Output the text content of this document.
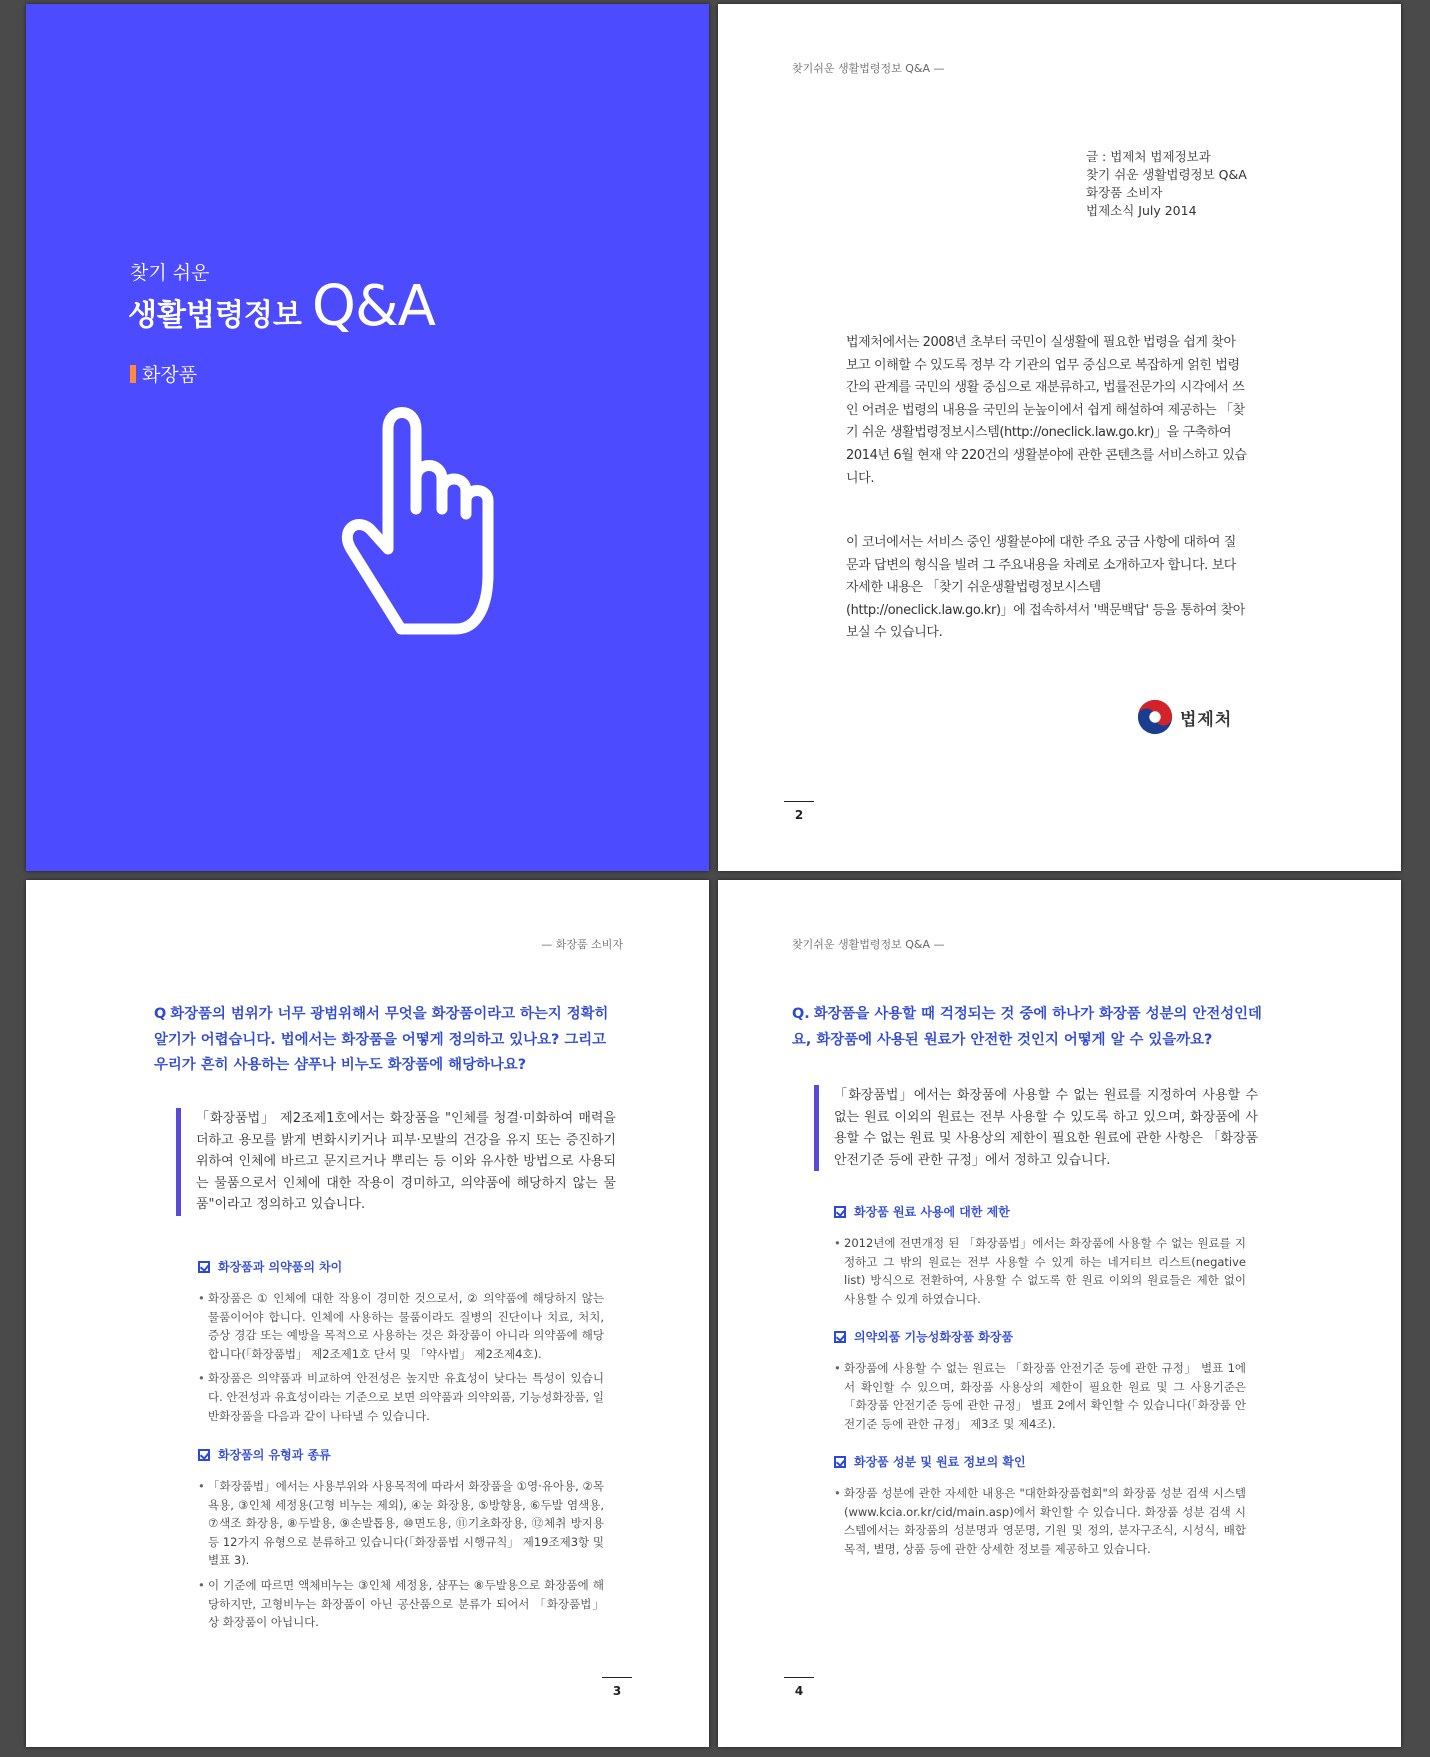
찾기 쉬운
생활법령정보 Q&A
화장품
찾기쉬운 생활법령정보 Q&A —
글 : 법제처 법제정보과
찾기 쉬운 생활법령정보 Q&A
화장품 소비자
법제소식 July 2014

법제처에서는 2008년 초부터 국민이 실생활에 필요한 법령을 쉽게 찾아 보고 이해할 수 있도록 정부 각 기관의 업무 중심으로 복잡하게 얽힌 법령 간의 관계를 국민의 생활 중심으로 재분류하고, 법률전문가의 시각에서 쓰인 어려운 법령의 내용을 국민의 눈높이에서 쉽게 해설하여 제공하는 「찾기 쉬운 생활법령정보시스템(http://oneclick.law.go.kr)」을 구축하여 2014년 6월 현재 약 220건의 생활분야에 관한 콘텐츠를 서비스하고 있습니다.

이 코너에서는 서비스 중인 생활분야에 대한 주요 궁금 사항에 대하여 질문과 답변의 형식을 빌려 그 주요내용을 차례로 소개하고자 합니다. 보다 자세한 내용은 「찾기 쉬운생활법령정보시스템(http://oneclick.law.go.kr)」에 접속하셔서 '백문백답' 등을 통하여 찾아보실 수 있습니다.

법제처
2
— 화장품 소비자

Q 화장품의 범위가 너무 광범위해서 무엇을 화장품이라고 하는지 정확히 알기가 어렵습니다. 법에서는 화장품을 어떻게 정의하고 있나요? 그리고 우리가 흔히 사용하는 샴푸나 비누도 화장품에 해당하나요?

「화장품법」 제2조제1호에서는 화장품을 "인체를 청결·미화하여 매력을 더하고 용모를 밝게 변화시키거나 피부·모발의 건강을 유지 또는 증진하기 위하여 인체에 바르고 문지르거나 뿌리는 등 이와 유사한 방법으로 사용되는 물품으로서 인체에 대한 작용이 경미하고, 의약품에 해당하지 않는 물품"이라고 정의하고 있습니다.
화장품과 의약품의 차이
• 화장품은 ① 인체에 대한 작용이 경미한 것으로서, ② 의약품에 해당하지 않는 물품이어야 합니다. 인체에 사용하는 물품이라도 질병의 진단이나 치료, 처치, 증상 경감 또는 예방을 목적으로 사용하는 것은 화장품이 아니라 의약품에 해당합니다(「화장품법」 제2조제1호 단서 및 「약사법」 제2조제4호).
• 화장품은 의약품과 비교하여 안전성은 높지만 유효성이 낮다는 특성이 있습니다. 안전성과 유효성이라는 기준으로 보면 의약품과 의약외품, 기능성화장품, 일반화장품을 다음과 같이 나타낼 수 있습니다.
화장품의 유형과 종류
• 「화장품법」에서는 사용부위와 사용목적에 따라서 화장품을 ①영·유아용, ②목욕용, ③인체 세정용(고형 비누는 제외), ④눈 화장용, ⑤방향용, ⑥두발 염색용, ⑦색조 화장용, ⑧두발용, ⑨손발톱용, ⑩면도용, ⑪기초화장용, ⑫체취 방지용 등 12가지 유형으로 분류하고 있습니다(「화장품법 시행규칙」 제19조제3항 및 별표 3).
• 이 기준에 따르면 액체비누는 ③인체 세정용, 샴푸는 ⑧두발용으로 화장품에 해당하지만, 고형비누는 화장품이 아닌 공산품으로 분류가 되어서 「화장품법」상 화장품이 아닙니다.
3
찾기쉬운 생활법령정보 Q&A —

Q. 화장품을 사용할 때 걱정되는 것 중에 하나가 화장품 성분의 안전성인데요, 화장품에 사용된 원료가 안전한 것인지 어떻게 알 수 있을까요?

「화장품법」에서는 화장품에 사용할 수 없는 원료를 지정하여 사용할 수 없는 원료 이외의 원료는 전부 사용할 수 있도록 하고 있으며, 화장품에 사용할 수 없는 원료 및 사용상의 제한이 필요한 원료에 관한 사항은 「화장품 안전기준 등에 관한 규정」에서 정하고 있습니다.
화장품 원료 사용에 대한 제한
• 2012년에 전면개정 된 「화장품법」에서는 화장품에 사용할 수 없는 원료를 지정하고 그 밖의 원료는 전부 사용할 수 있게 하는 네거티브 리스트(negative list) 방식으로 전환하여, 사용할 수 없도록 한 원료 이외의 원료들은 제한 없이 사용할 수 있게 하였습니다.
의약외품 기능성화장품 화장품
• 화장품에 사용할 수 없는 원료는 「화장품 안전기준 등에 관한 규정」 별표 1에서 확인할 수 있으며, 화장품 사용상의 제한이 필요한 원료 및 그 사용기준은 「화장품 안전기준 등에 관한 규정」 별표 2에서 확인할 수 있습니다(「화장품 안전기준 등에 관한 규정」 제3조 및 제4조).
화장품 성분 및 원료 정보의 확인
• 화장품 성분에 관한 자세한 내용은 "대한화장품협회"의 화장품 성분 검색 시스템(www.kcia.or.kr/cid/main.asp)에서 확인할 수 있습니다. 화장품 성분 검색 시스템에서는 화장품의 성분명과 영문명, 기원 및 정의, 분자구조식, 시성식, 배합목적, 별명, 상품 등에 관한 상세한 정보를 제공하고 있습니다.
4
